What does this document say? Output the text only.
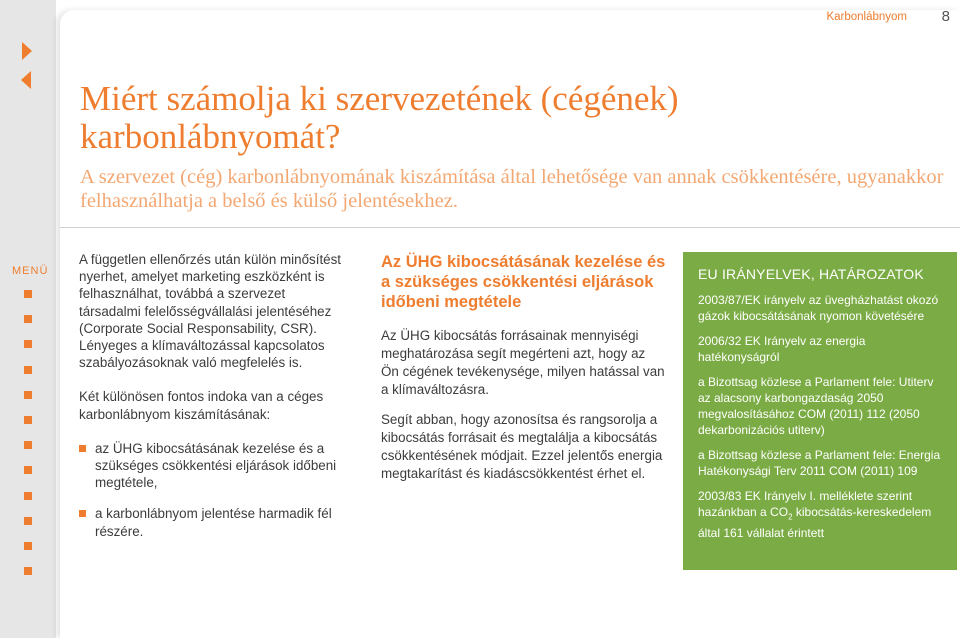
MENÜ
Karbonlábnyom 8
Miért számolja ki szervezetének (cégének) karbonlábnyomát?

A szervezet (cég) karbonlábnyomának kiszámítása által lehetősége van annak csökkentésére, ugyanakkor felhasználhatja a belső és külső jelentésekhez.

A független ellenőrzés után külön minősítést nyerhet, amelyet marketing eszközként is felhasználhat, továbbá a szervezet társadalmi felelősségvállalási jelentéséhez (Corporate Social Responsability, CSR). Lényeges a klímaváltozással kapcsolatos szabályozásoknak való megfelelés is.

Két különösen fontos indoka van a céges karbonlábnyom kiszámításának:

az ÜHG kibocsátásának kezelése és a szükséges csökkentési eljárások időbeni megtétele,
a karbonlábnyom jelentése harmadik fél részére.
Az ÜHG kibocsátásának kezelése és a szükséges csökkentési eljárások időbeni megtétele

Az ÜHG kibocsátás forrásainak mennyiségi meghatározása segít megérteni azt, hogy az Ön cégének tevékenysége, milyen hatással van a klímaváltozásra.

Segít abban, hogy azonosítsa és rangsorolja a kibocsátás forrásait és megtalálja a kibocsátás csökkentésének módjait. Ezzel jelentős energia megtakarítást és kiadáscsökkentést érhet el.

EU IRÁNYELVEK, HATÁROZATOK

2003/87/EK irányelv az üvegházhatást okozó gázok kibocsátásának nyomon követésére

2006/32 EK Irányelv az energia hatékonyságról

a Bizottsag közlese a Parlament fele: Utiterv az alacsony karbongazdaság 2050 megvalosításához COM (2011) 112 (2050 dekarbonizációs utiterv)

a Bizottsag közlese a Parlament fele: Energia Hatékonysági Terv 2011 COM (2011) 109

2003/83 EK Irányelv I. melléklete szerint hazánkban a $CO_2$ kibocsátás-kereskedelem által 161 vállalat érintett
